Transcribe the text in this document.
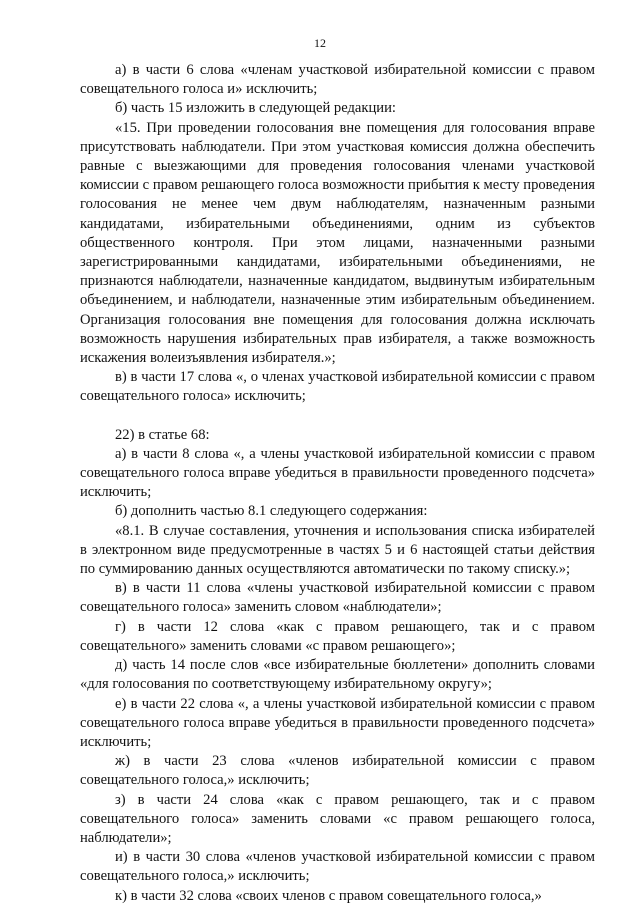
12

а) в части 6 слова «членам участковой избирательной комиссии с правом совещательного голоса и» исключить;

б) часть 15 изложить в следующей редакции:

«15. При проведении голосования вне помещения для голосования вправе присутствовать наблюдатели. При этом участковая комиссия должна обеспечить равные с выезжающими для проведения голосования членами участковой комиссии с правом решающего голоса возможности прибытия к месту проведения голосования не менее чем двум наблюдателям, назначенным разными кандидатами, избирательными объединениями, одним из субъектов общественного контроля. При этом лицами, назначенными разными зарегистрированными кандидатами, избирательными объединениями, не признаются наблюдатели, назначенные кандидатом, выдвинутым избирательным объединением, и наблюдатели, назначенные этим избирательным объединением. Организация голосования вне помещения для голосования должна исключать возможность нарушения избирательных прав избирателя, а также возможность искажения волеизъявления избирателя.»;

в) в части 17 слова «, о членах участковой избирательной комиссии с правом совещательного голоса» исключить;

22) в статье 68:

а) в части 8 слова «, а члены участковой избирательной комиссии с правом совещательного голоса вправе убедиться в правильности проведенного подсчета» исключить;

б) дополнить частью 8.1 следующего содержания:

«8.1. В случае составления, уточнения и использования списка избирателей в электронном виде предусмотренные в частях 5 и 6 настоящей статьи действия по суммированию данных осуществляются автоматически по такому списку.»;

в) в части 11 слова «члены участковой избирательной комиссии с правом совещательного голоса» заменить словом «наблюдатели»;

г) в части 12 слова «как с правом решающего, так и с правом совещательного» заменить словами «с правом решающего»;

д) часть 14 после слов «все избирательные бюллетени» дополнить словами «для голосования по соответствующему избирательному округу»;

е) в части 22 слова «, а члены участковой избирательной комиссии с правом совещательного голоса вправе убедиться в правильности проведенного подсчета» исключить;

ж) в части 23 слова «членов избирательной комиссии с правом совещательного голоса,» исключить;

з) в части 24 слова «как с правом решающего, так и с правом совещательного голоса» заменить словами «с правом решающего голоса, наблюдатели»;

и) в части 30 слова «членов участковой избирательной комиссии с правом совещательного голоса,» исключить;

к) в части 32 слова «своих членов с правом совещательного голоса,»
